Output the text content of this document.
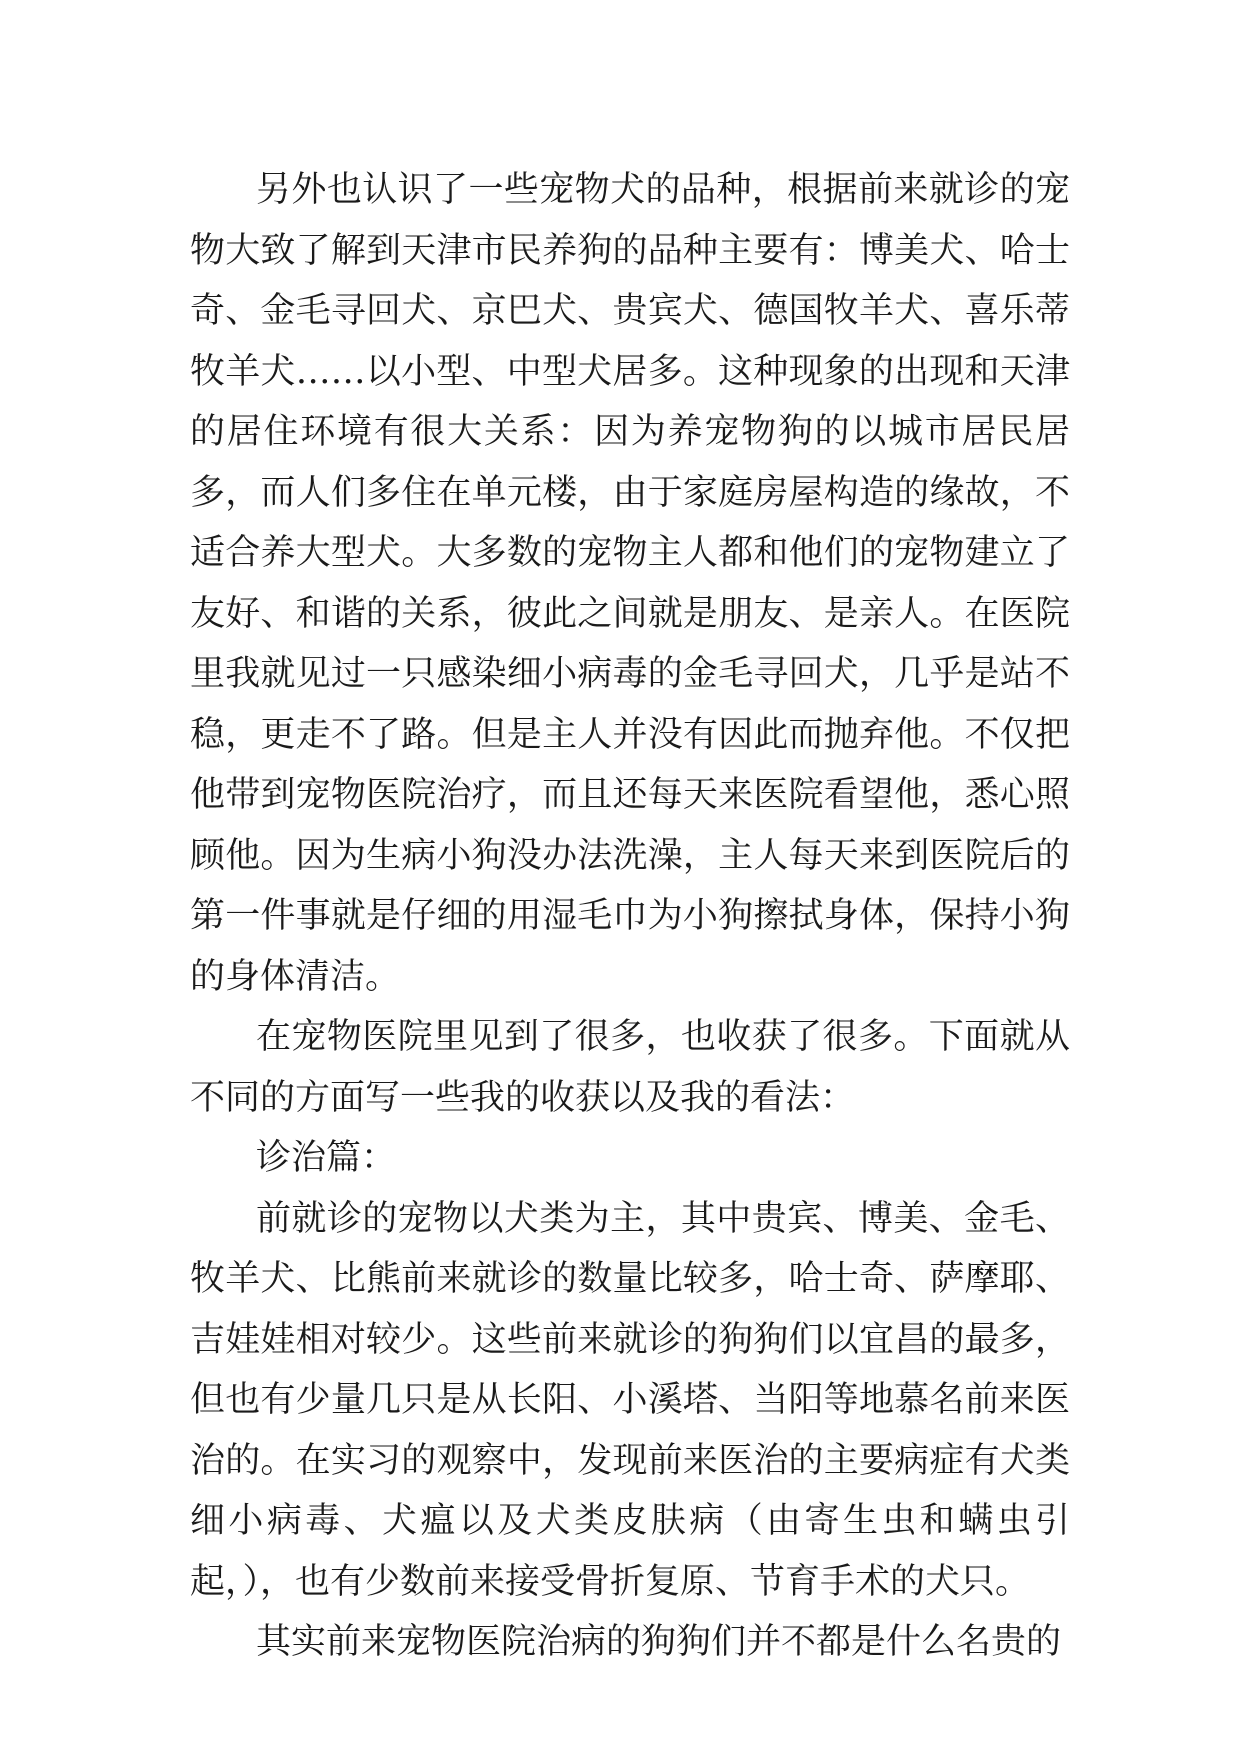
另外也认识了一些宠物犬的品种，根据前来就诊的宠物大致了解到天津市民养狗的品种主要有：博美犬、哈士奇、金毛寻回犬、京巴犬、贵宾犬、德国牧羊犬、喜乐蒂牧羊犬……以小型、中型犬居多。这种现象的出现和天津的居住环境有很大关系：因为养宠物狗的以城市居民居多，而人们多住在单元楼，由于家庭房屋构造的缘故，不适合养大型犬。大多数的宠物主人都和他们的宠物建立了友好、和谐的关系，彼此之间就是朋友、是亲人。在医院里我就见过一只感染细小病毒的金毛寻回犬，几乎是站不稳，更走不了路。但是主人并没有因此而抛弃他。不仅把他带到宠物医院治疗，而且还每天来医院看望他，悉心照顾他。因为生病小狗没办法洗澡，主人每天来到医院后的第一件事就是仔细的用湿毛巾为小狗擦拭身体，保持小狗的身体清洁。

在宠物医院里见到了很多，也收获了很多。下面就从不同的方面写一些我的收获以及我的看法：

诊治篇：

前就诊的宠物以犬类为主，其中贵宾、博美、金毛、牧羊犬、比熊前来就诊的数量比较多，哈士奇、萨摩耶、吉娃娃相对较少。这些前来就诊的狗狗们以宜昌的最多，但也有少量几只是从长阳、小溪塔、当阳等地慕名前来医治的。在实习的观察中，发现前来医治的主要病症有犬类细小病毒、犬瘟以及犬类皮肤病（由寄生虫和螨虫引起，），也有少数前来接受骨折复原、节育手术的犬只。

其实前来宠物医院治病的狗狗们并不都是什么名贵的
